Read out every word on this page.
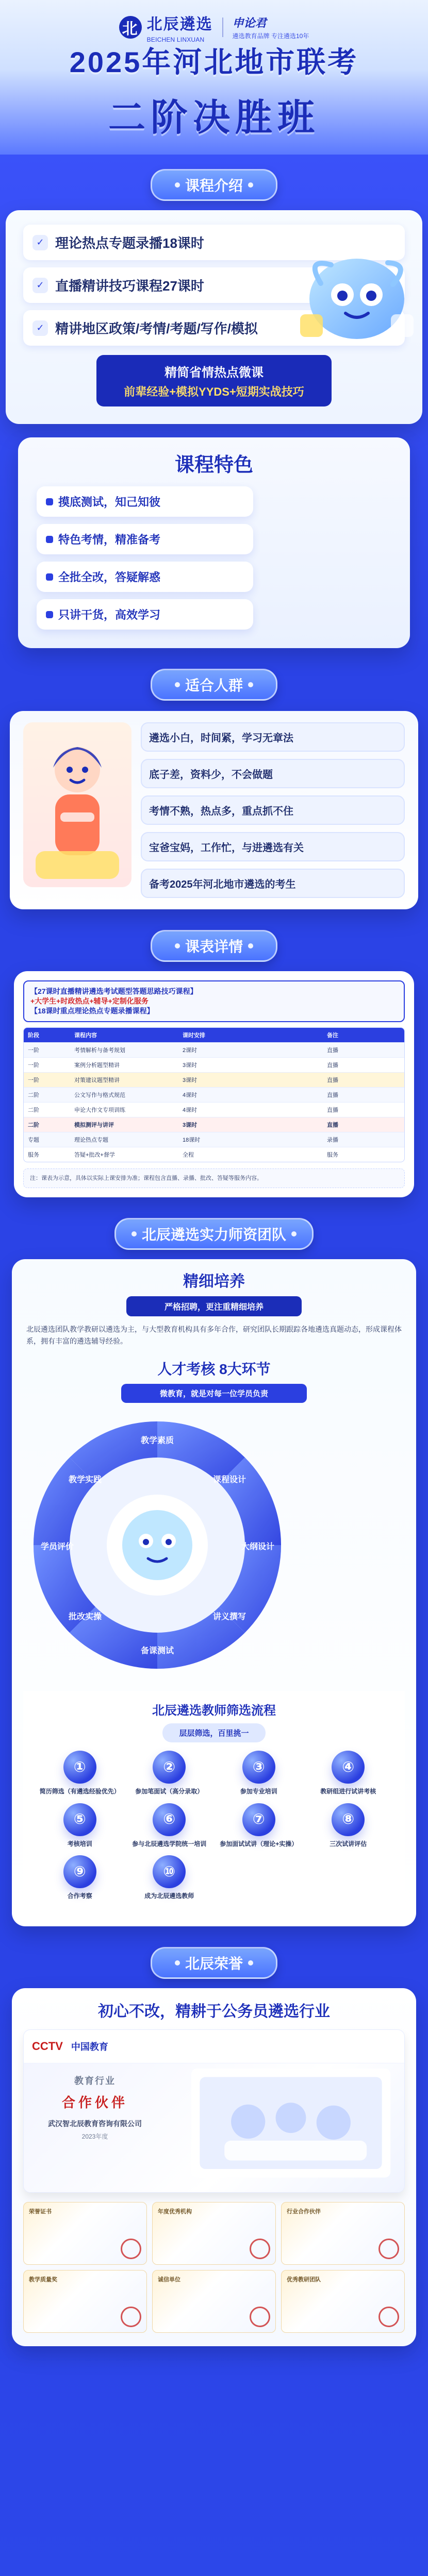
北 北辰遴选
BEICHEN LINXUAN
申论君
遴选教育品牌 专注遴选10年
2025年河北地市联考
二阶决胜班
课程介绍
✓ 理论热点专题录播18课时
✓ 直播精讲技巧课程27课时
✓ 精讲地区政策/考情/考题/写作/模拟
精简省情热点微课
前辈经验+模拟YYDS+短期实战技巧
课程特色
摸底测试，知己知彼
特色考情，精准备考
全批全改，答疑解惑
只讲干货，高效学习
适合人群
遴选小白，时间紧，学习无章法
底子差，资料少，不会做题
考情不熟，热点多，重点抓不住
宝爸宝妈，工作忙，与进遴选有关
备考2025年河北地市遴选的考生
课表详情
【27课时直播精讲遴选考试题型答题思路技巧课程】
+大学生+时政热点+辅导+定制化服务
【18课时重点理论热点专题录播课程】
阶段	课程内容	课时安排	备注
一阶	考情解析与备考规划	2课时	直播
一阶	案例分析题型精讲	3课时	直播
一阶	对策建议题型精讲	3课时	直播
二阶	公文写作与格式规范	4课时	直播
二阶	申论大作文专项训练	4课时	直播
二阶	模拟测评与讲评	3课时	直播
专题	理论热点专题	18课时	录播
服务	答疑+批改+督学	全程	服务
注：课表为示意，具体以实际上课安排为准；课程包含直播、录播、批改、答疑等服务内容。
北辰遴选实力师资团队
精细培养
严格招聘，更注重精细培养
北辰遴选团队教学教研以遴选为主，与大型教育机构具有多年合作，研究团队长期跟踪各地遴选真题动态，形成课程体系，拥有丰富的遴选辅导经验。
人才考核 8大环节
微教育，就是对每一位学员负责
教学素质
课程设计
大纲设计
讲义撰写
备课测试
批改实操
学员评价
教学实践
北辰遴选教师筛选流程
层层筛选，百里挑一
①
简历筛选（有遴选经验优先）
②
参加笔面试（高分录取）
③
参加专业培训
④
教研组进行试讲考核
⑤
考核培训
⑥
参与北辰遴选学院统一培训
⑦
参加面试试讲（理论+实操）
⑧
三次试讲评估
⑨
合作考察
⑩
成为北辰遴选教师
北辰荣誉
初心不改，精耕于公务员遴选行业
CCTV 中国教育
教育行业
合作伙伴
武汉智北辰教育咨询有限公司
2023年度
荣誉证书	年度优秀机构	行业合作伙伴
教学质量奖	诚信单位	优秀教研团队
